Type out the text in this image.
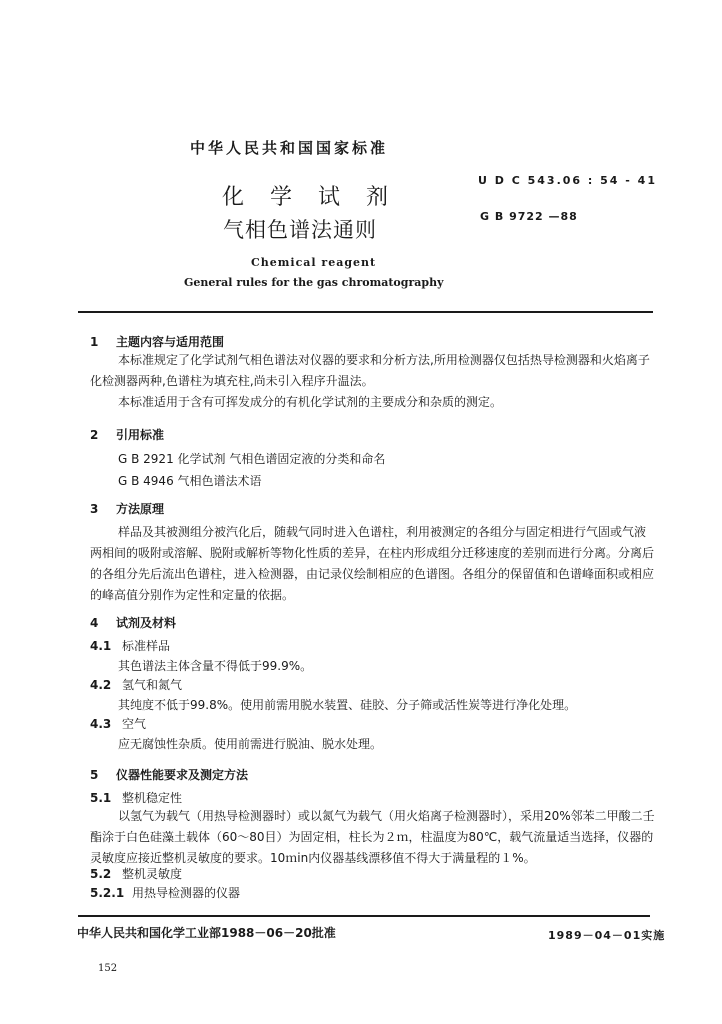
中华人民共和国国家标准
化学试剂
气相色谱法通则
U D C 543.06 : 54 - 41
G B 9722 —88
Chemical reagent
General rules for the gas chromatography
1 主题内容与适用范围
本标准规定了化学试剂气相色谱法对仪器的要求和分析方法,所用检测器仅包括热导检测器和火焰离子化检测器两种,色谱柱为填充柱,尚未引入程序升温法。
本标准适用于含有可挥发成分的有机化学试剂的主要成分和杂质的测定。
2 引用标准
G B 2921 化学试剂 气相色谱固定液的分类和命名
G B 4946 气相色谱法术语
3 方法原理
样品及其被测组分被汽化后，随载气同时进入色谱柱，利用被测定的各组分与固定相进行气固或气液两相间的吸附或溶解、脱附或解析等物化性质的差异，在柱内形成组分迁移速度的差别而进行分离。分离后的各组分先后流出色谱柱，进入检测器，由记录仪绘制相应的色谱图。各组分的保留值和色谱峰面积或相应的峰高值分别作为定性和定量的依据。
4 试剂及材料
4.1 标准样品
其色谱法主体含量不得低于99.9%。
4.2 氢气和氮气
其纯度不低于99.8%。使用前需用脱水装置、硅胶、分子筛或活性炭等进行净化处理。
4.3 空气
应无腐蚀性杂质。使用前需进行脱油、脱水处理。
5 仪器性能要求及测定方法
5.1 整机稳定性
以氢气为载气（用热导检测器时）或以氮气为载气（用火焰离子检测器时），采用20%邻苯二甲酸二壬酯涂于白色硅藻土载体（60～80目）为固定相，柱长为２ｍ，柱温度为80℃，载气流量适当选择，仪器的灵敏度应接近整机灵敏度的要求。10ｍin内仪器基线漂移值不得大于满量程的１%。
5.2 整机灵敏度
5.2.1 用热导检测器的仪器
中华人民共和国化学工业部1988－06－20批准	1989－04－01实施
152
